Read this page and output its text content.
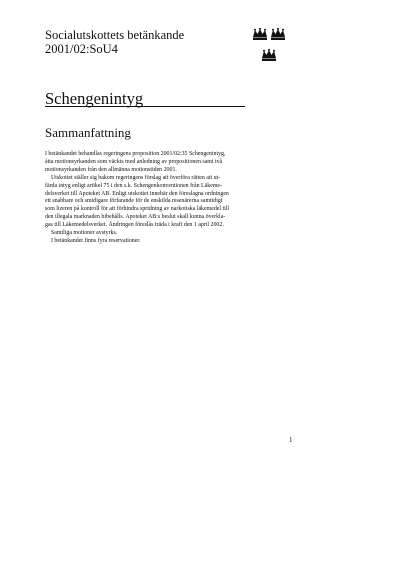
Socialutskottets betänkande
2001/02:SoU4
Schengenintyg
Sammanfattning

I betänkandet behandlas regeringens proposition 2001/02:35 Schengenintyg,

åtta motionsyrkanden som väckts med anledning av propositionen samt två

motionsyrkanden från den allmänna motionstiden 2001.

Utskottet ställer sig bakom regeringens förslag att överföra rätten att ut-

färda intyg enligt artikel 75 i den s.k. Schengenkonventionen från Läkeme-

delsverket till Apoteket AB. Enligt utskottet innebär den föreslagna ordningen

ett snabbare och smidigare förfarande för de enskilda resenärerna samtidigt

som lizeren på kontroll för att förhindra spridning av narkotiska läkemedel till

den illegala marknaden bibehålls. Apoteket AB:s beslut skall kunna överkla-

gas till Läkemedelsverket. Ändringen föreslås träda i kraft den 1 april 2002.

Samtliga motioner avstyrks.

I betänkandet finns fyra reservationer.

1
